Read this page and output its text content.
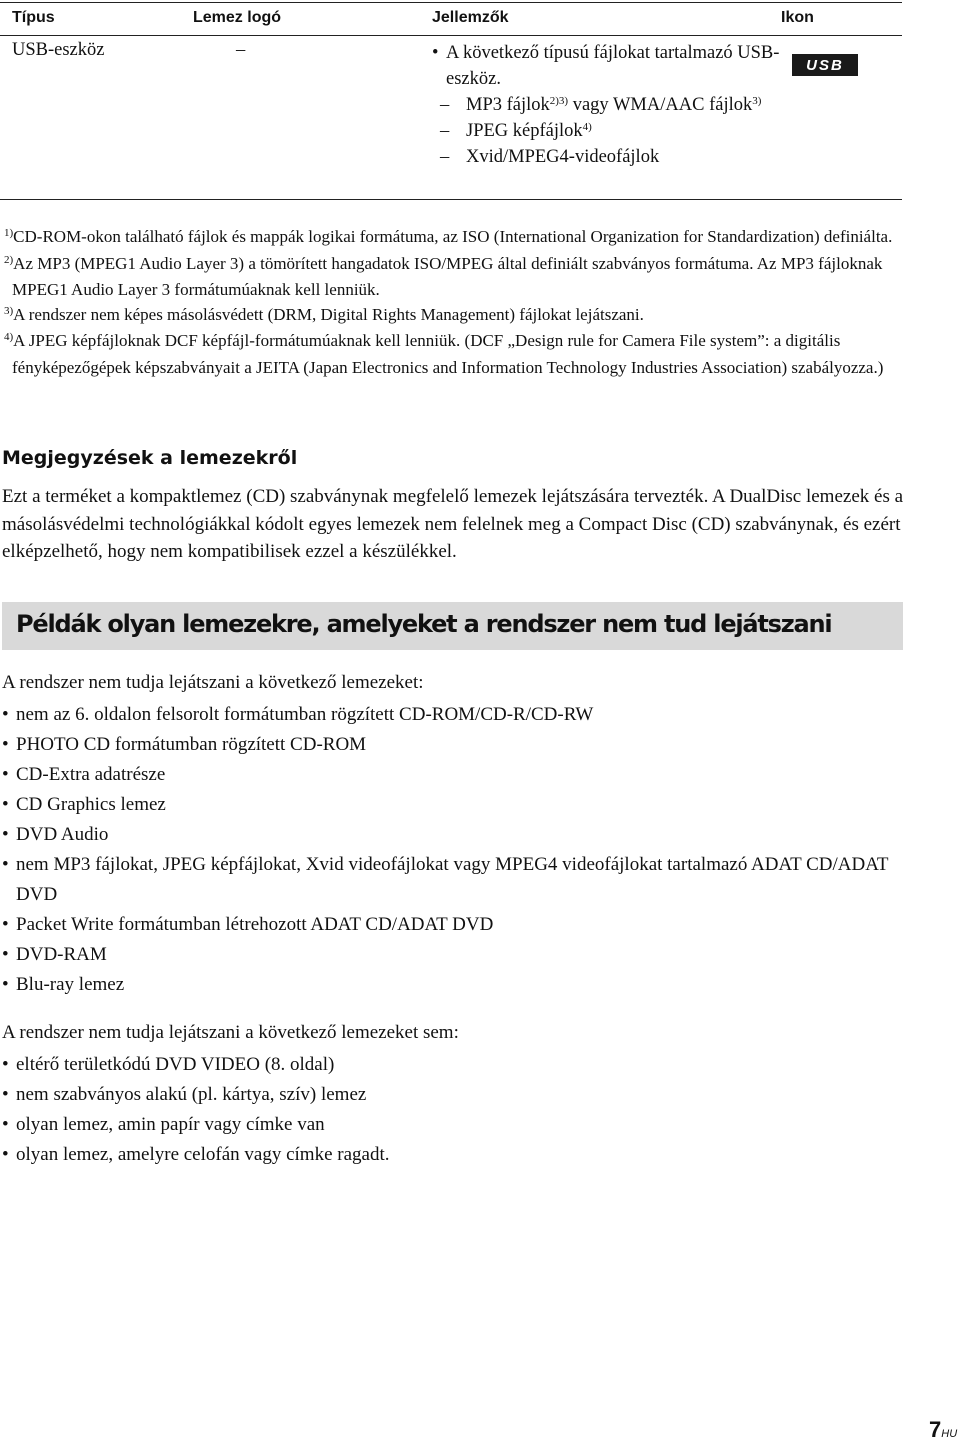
Típus	Lemez logó	Jellemzők	Ikon
USB-eszköz	–
•	A következő típusú fájlokat tartalmazó USB-eszköz.
– MP3 fájlok$^{2)3)}$ vagy WMA/AAC fájlok$^{3)}$
– JPEG képfájlok$^{4)}$
– Xvid/MPEG4-videofájlok
USB
$^{1)}$CD-ROM-okon található fájlok és mappák logikai formátuma, az ISO (International Organization for Standardization) definiálta.
$^{2)}$Az MP3 (MPEG1 Audio Layer 3) a tömörített hangadatok ISO/MPEG által definiált szabványos formátuma. Az MP3 fájloknak MPEG1 Audio Layer 3 formátumúaknak kell lenniük.
$^{3)}$A rendszer nem képes másolásvédett (DRM, Digital Rights Management) fájlokat lejátszani.
$^{4)}$A JPEG képfájloknak DCF képfájl-formátumúaknak kell lenniük. (DCF „Design rule for Camera File system”: a digitális fényképezőgépek képszabványait a JEITA (Japan Electronics and Information Technology Industries Association) szabályozza.)
Megjegyzések a lemezekről
Ezt a terméket a kompaktlemez (CD) szabványnak megfelelő lemezek lejátszására tervezték. A DualDisc lemezek és a másolásvédelmi technológiákkal kódolt egyes lemezek nem felelnek meg a Compact Disc (CD) szabványnak, és ezért elképzelhető, hogy nem kompatibilisek ezzel a készülékkel.
Példák olyan lemezekre, amelyeket a rendszer nem tud lejátszani
A rendszer nem tudja lejátszani a következő lemezeket:
• nem az 6. oldalon felsorolt formátumban rögzített CD-ROM/CD-R/CD-RW
• PHOTO CD formátumban rögzített CD-ROM
• CD-Extra adatrésze
• CD Graphics lemez
• DVD Audio
• nem MP3 fájlokat, JPEG képfájlokat, Xvid videofájlokat vagy MPEG4 videofájlokat tartalmazó ADAT CD/ADAT DVD
• Packet Write formátumban létrehozott ADAT CD/ADAT DVD
• DVD-RAM
• Blu-ray lemez
A rendszer nem tudja lejátszani a következő lemezeket sem:
• eltérő területkódú DVD VIDEO (8. oldal)
• nem szabványos alakú (pl. kártya, szív) lemez
• olyan lemez, amin papír vagy címke van
• olyan lemez, amelyre celofán vagy címke ragadt.
7HU
